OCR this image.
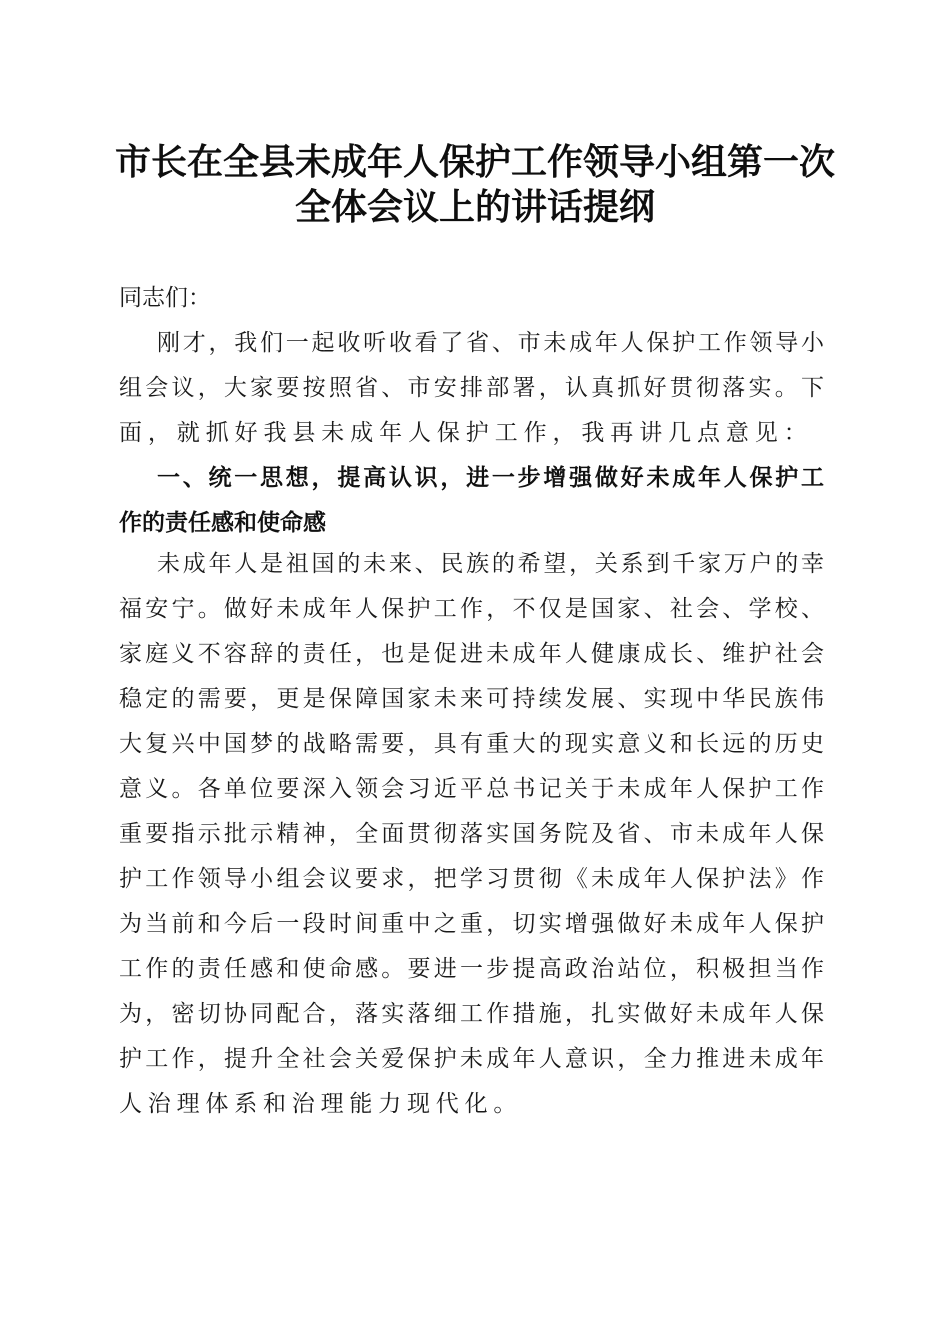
市长在全县未成年人保护工作领导小组第一次
全体会议上的讲话提纲
同志们：
刚才，我们一起收听收看了省、市未成年人保护工作领导小
组会议，大家要按照省、市安排部署，认真抓好贯彻落实。下
面，就抓好我县未成年人保护工作，我再讲几点意见：
一、统一思想，提高认识，进一步增强做好未成年人保护工
作的责任感和使命感
未成年人是祖国的未来、民族的希望，关系到千家万户的幸
福安宁。做好未成年人保护工作，不仅是国家、社会、学校、
家庭义不容辞的责任，也是促进未成年人健康成长、维护社会
稳定的需要，更是保障国家未来可持续发展、实现中华民族伟
大复兴中国梦的战略需要，具有重大的现实意义和长远的历史
意义。各单位要深入领会习近平总书记关于未成年人保护工作
重要指示批示精神，全面贯彻落实国务院及省、市未成年人保
护工作领导小组会议要求，把学习贯彻《未成年人保护法》作
为当前和今后一段时间重中之重，切实增强做好未成年人保护
工作的责任感和使命感。要进一步提高政治站位，积极担当作
为，密切协同配合，落实落细工作措施，扎实做好未成年人保
护工作，提升全社会关爱保护未成年人意识，全力推进未成年
人治理体系和治理能力现代化。
